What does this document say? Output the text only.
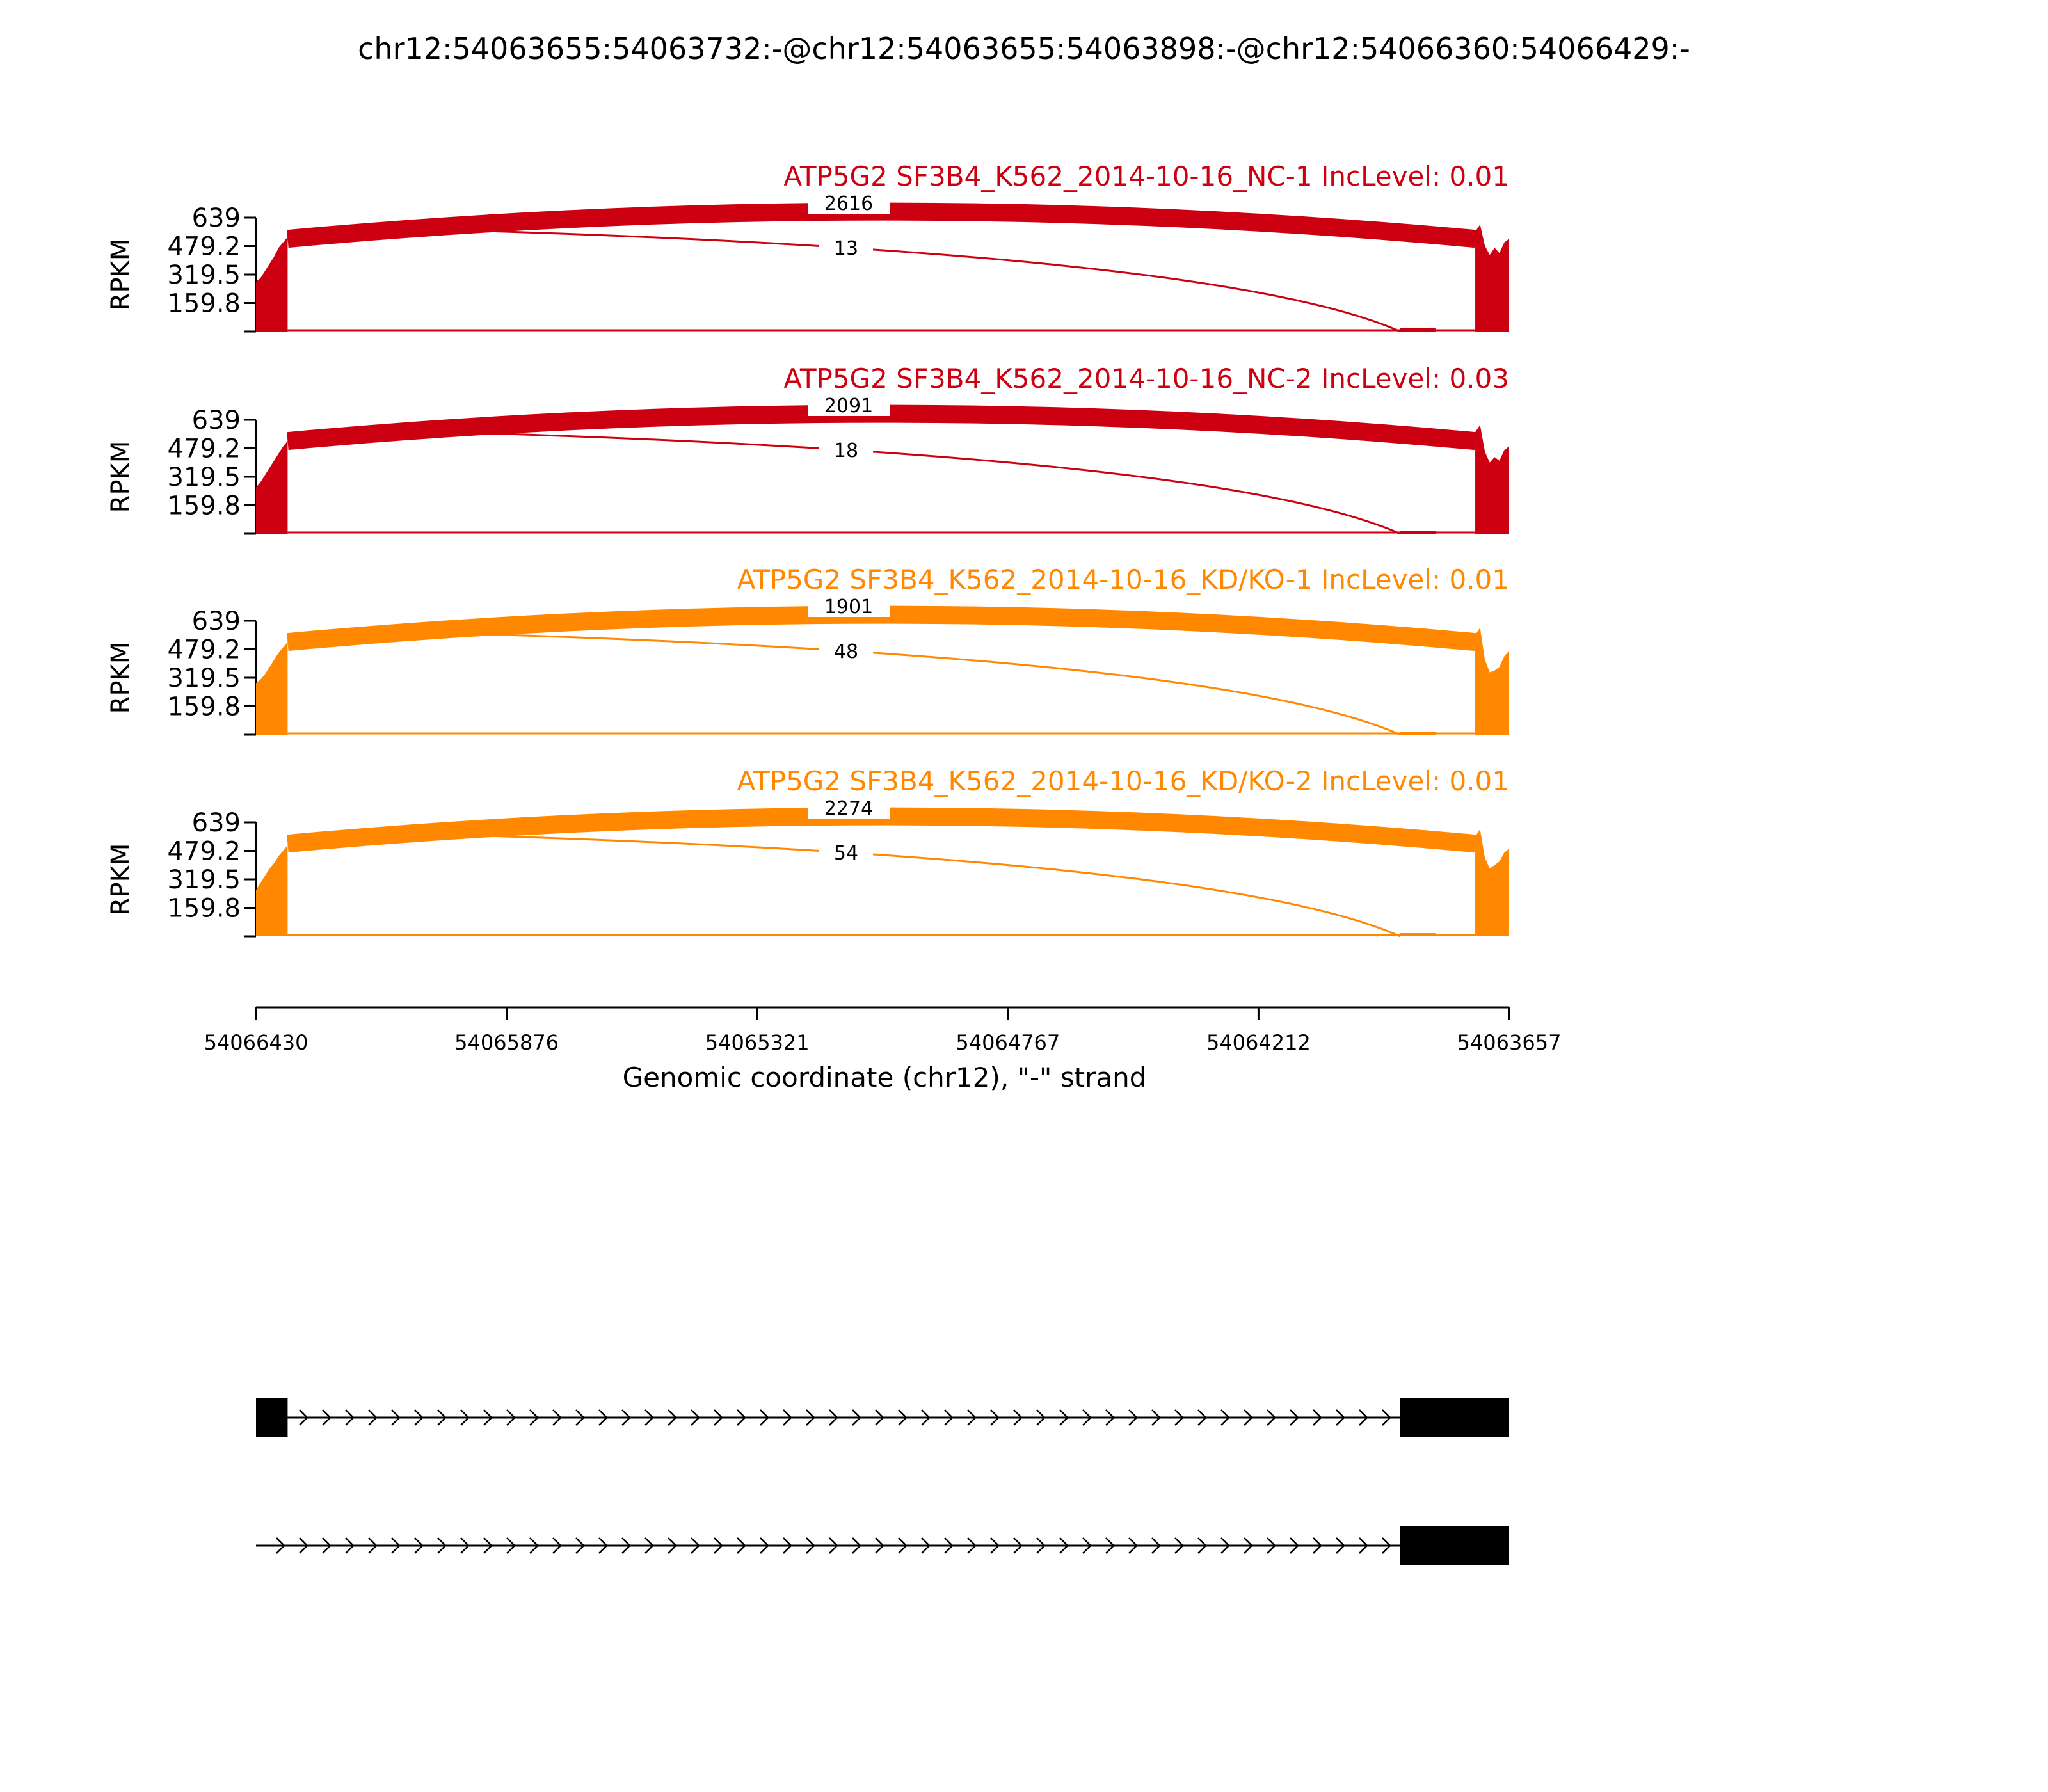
chr12:54063655:54063732:-@chr12:54063655:54063898:-@chr12:54066360:54066429:-
639
479.2
319.5
159.8
RPKM
2616
13
ATP5G2 SF3B4_K562_2014-10-16_NC-1 IncLevel: 0.01
639
479.2
319.5
159.8
RPKM
2091
18
ATP5G2 SF3B4_K562_2014-10-16_NC-2 IncLevel: 0.03
639
479.2
319.5
159.8
RPKM
1901
48
ATP5G2 SF3B4_K562_2014-10-16_KD/KO-1 IncLevel: 0.01
639
479.2
319.5
159.8
RPKM
2274
54
ATP5G2 SF3B4_K562_2014-10-16_KD/KO-2 IncLevel: 0.01
54066430	54065876	54065321	54064767	54064212	54063657
Genomic coordinate (chr12), "-" strand
